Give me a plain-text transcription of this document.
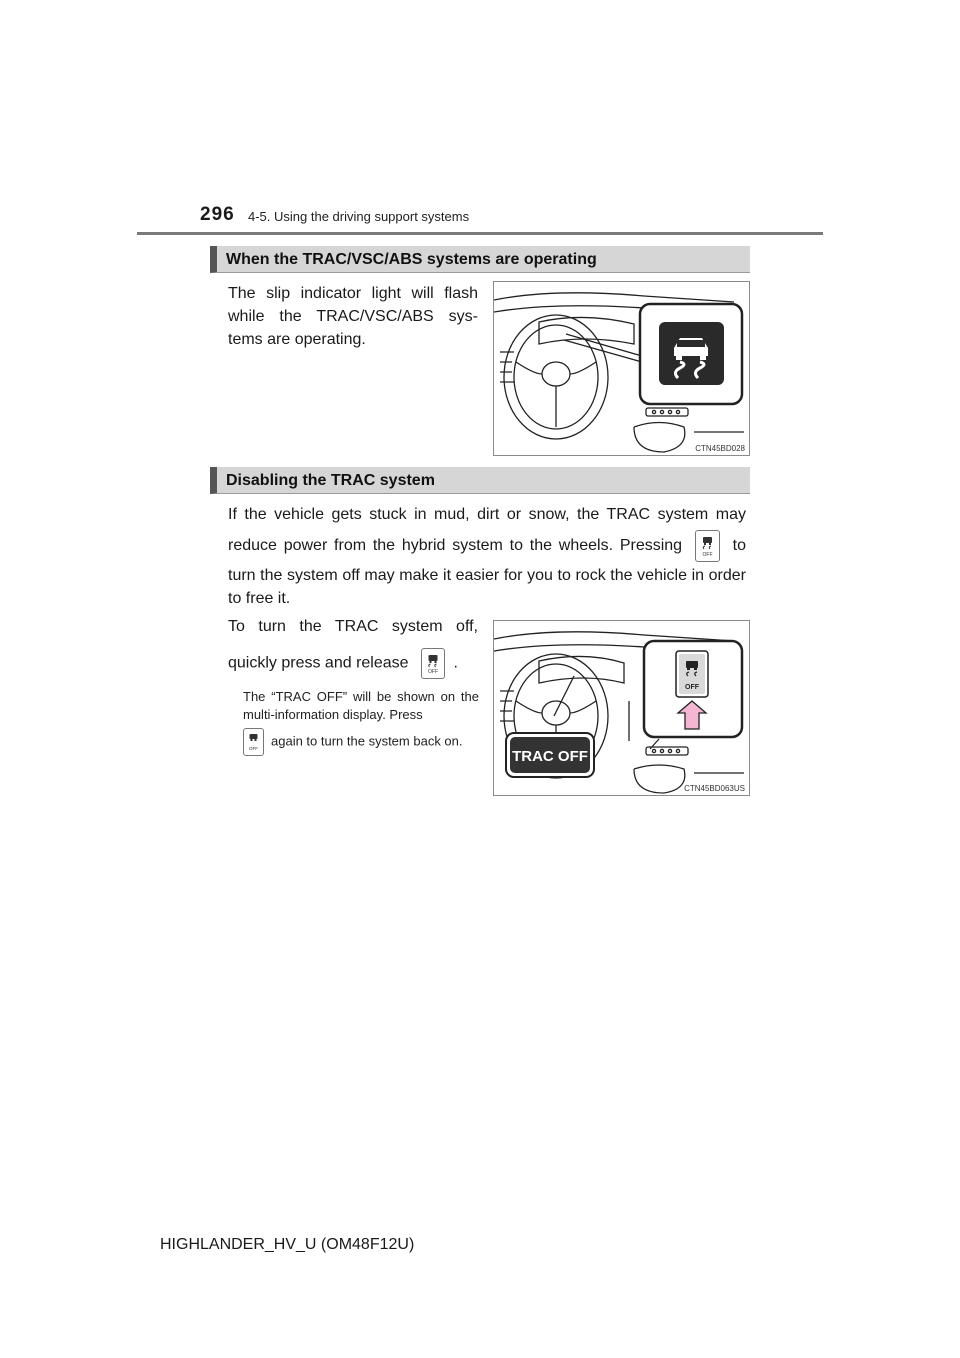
296 4-5. Using the driving support systems
When the TRAC/VSC/ABS systems are operating
The slip indicator light will flash while the TRAC/VSC/ABS sys-tems are operating.
CTN45BD028
Disabling the TRAC system
If the vehicle gets stuck in mud, dirt or snow, the TRAC system may reduce power from the hybrid system to the wheels. Pressing
OFF
to
turn the system off may make it easier for you to rock the vehicle in order to free it.
To turn the TRAC system off,
quickly press and release
OFF
.
The “TRAC OFF” will be shown on the multi-information display. Press
OFF
again to turn the system back on.
OFF
TRAC OFF
CTN45BD063US
HIGHLANDER_HV_U (OM48F12U)
